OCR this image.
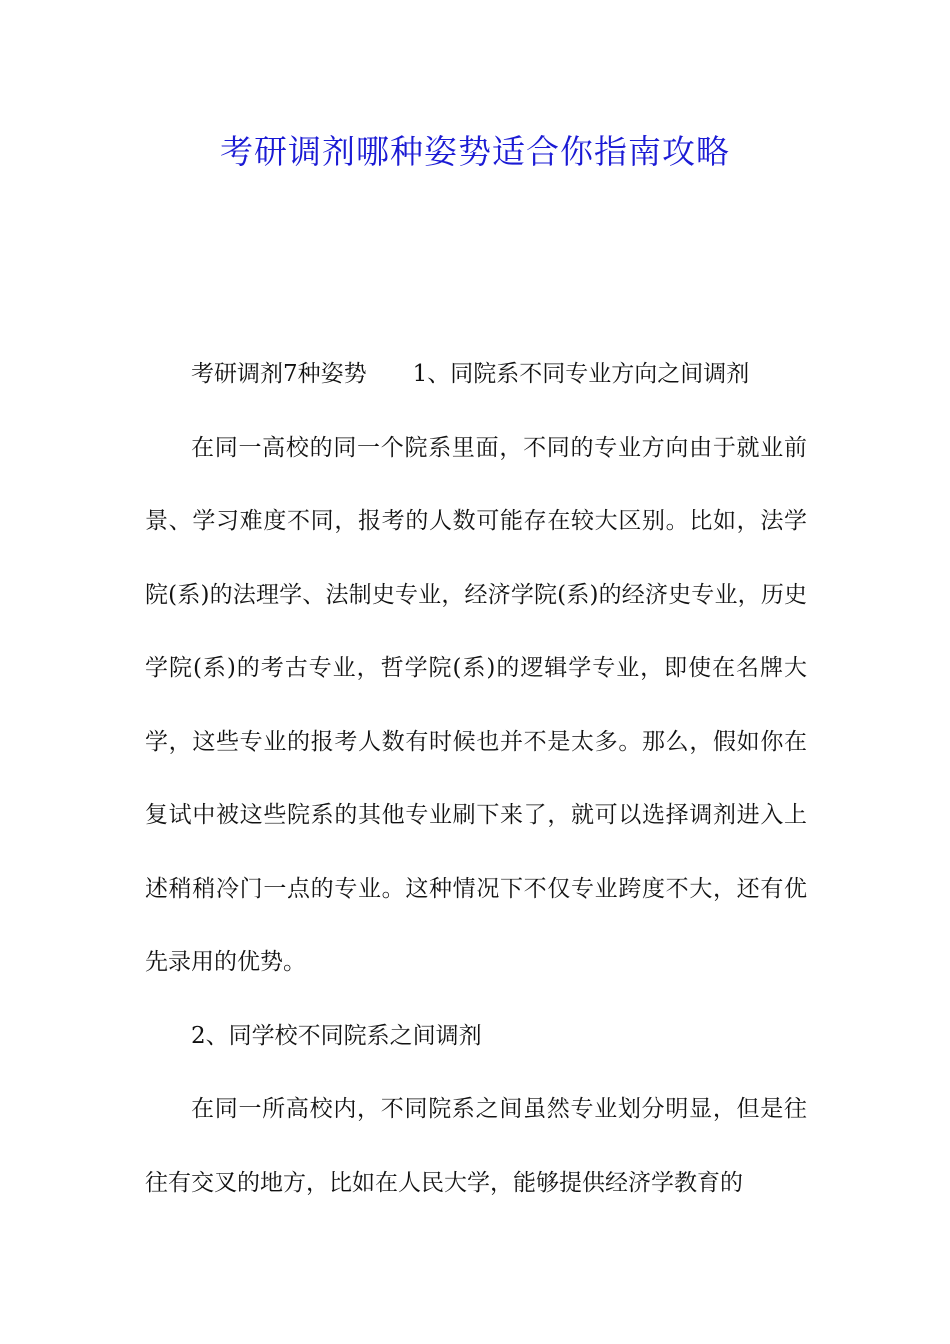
考研调剂哪种姿势适合你指南攻略

考研调剂7种姿势　　1、同院系不同专业方向之间调剂

在同一高校的同一个院系里面，不同的专业方向由于就业前景、学习难度不同，报考的人数可能存在较大区别。比如，法学院(系)的法理学、法制史专业，经济学院(系)的经济史专业，历史学院(系)的考古专业，哲学院(系)的逻辑学专业，即使在名牌大学，这些专业的报考人数有时候也并不是太多。那么，假如你在复试中被这些院系的其他专业刷下来了，就可以选择调剂进入上述稍稍冷门一点的专业。这种情况下不仅专业跨度不大，还有优先录用的优势。

2、同学校不同院系之间调剂

在同一所高校内，不同院系之间虽然专业划分明显，但是往往有交叉的地方，比如在人民大学，能够提供经济学教育的
